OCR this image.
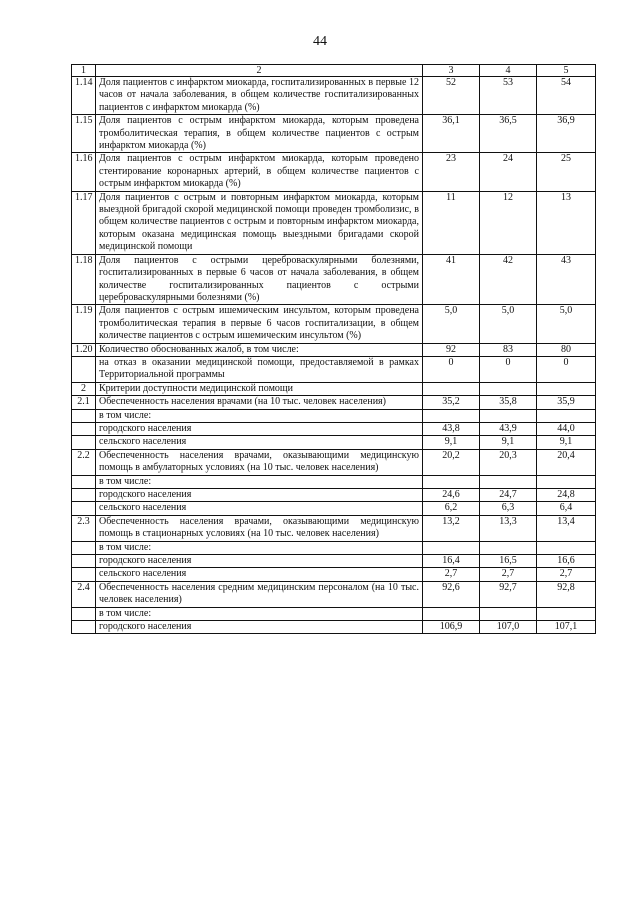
44
1	2	3	4	5
1.14	Доля пациентов с инфарктом миокарда, госпитализированных в первые 12 часов от начала заболевания, в общем количестве госпитализированных пациентов с инфарктом миокарда (%)	52	53	54
1.15	Доля пациентов с острым инфарктом миокарда, которым проведена тромболитическая терапия, в общем количестве пациентов с острым инфарктом миокарда (%)	36,1	36,5	36,9
1.16	Доля пациентов с острым инфарктом миокарда, которым проведено стентирование коронарных артерий, в общем количестве пациентов с острым инфарктом миокарда (%)	23	24	25
1.17	Доля пациентов с острым и повторным инфарктом миокарда, которым выездной бригадой скорой медицинской помощи проведен тромболизис, в общем количестве пациентов с острым и повторным инфарктом миокарда, которым оказана медицинская помощь выездными бригадами скорой медицинской помощи	11	12	13
1.18	Доля пациентов с острыми цереброваскулярными болезнями, госпитализированных в первые 6 часов от начала заболевания, в общем количестве госпитализированных пациентов с острыми цереброваскулярными болезнями (%)	41	42	43
1.19	Доля пациентов с острым ишемическим инсультом, которым проведена тромболитическая терапия в первые 6 часов госпитализации, в общем количестве пациентов с острым ишемическим инсультом (%)	5,0	5,0	5,0
1.20	Количество обоснованных жалоб, в том числе:	92	83	80
	на отказ в оказании медицинской помощи, предоставляемой в рамках Территориальной программы	0	0	0
2	Критерии доступности медицинской помощи			
2.1	Обеспеченность населения врачами (на 10 тыс. человек населения)	35,2	35,8	35,9
	в том числе:			
	городского населения	43,8	43,9	44,0
	сельского населения	9,1	9,1	9,1
2.2	Обеспеченность населения врачами, оказывающими медицинскую помощь в амбулаторных условиях (на 10 тыс. человек населения)	20,2	20,3	20,4
	в том числе:			
	городского населения	24,6	24,7	24,8
	сельского населения	6,2	6,3	6,4
2.3	Обеспеченность населения врачами, оказывающими медицинскую помощь в стационарных условиях (на 10 тыс. человек населения)	13,2	13,3	13,4
	в том числе:			
	городского населения	16,4	16,5	16,6
	сельского населения	2,7	2,7	2,7
2.4	Обеспеченность населения средним медицинским персоналом (на 10 тыс. человек населения)	92,6	92,7	92,8
	в том числе:			
	городского населения	106,9	107,0	107,1
